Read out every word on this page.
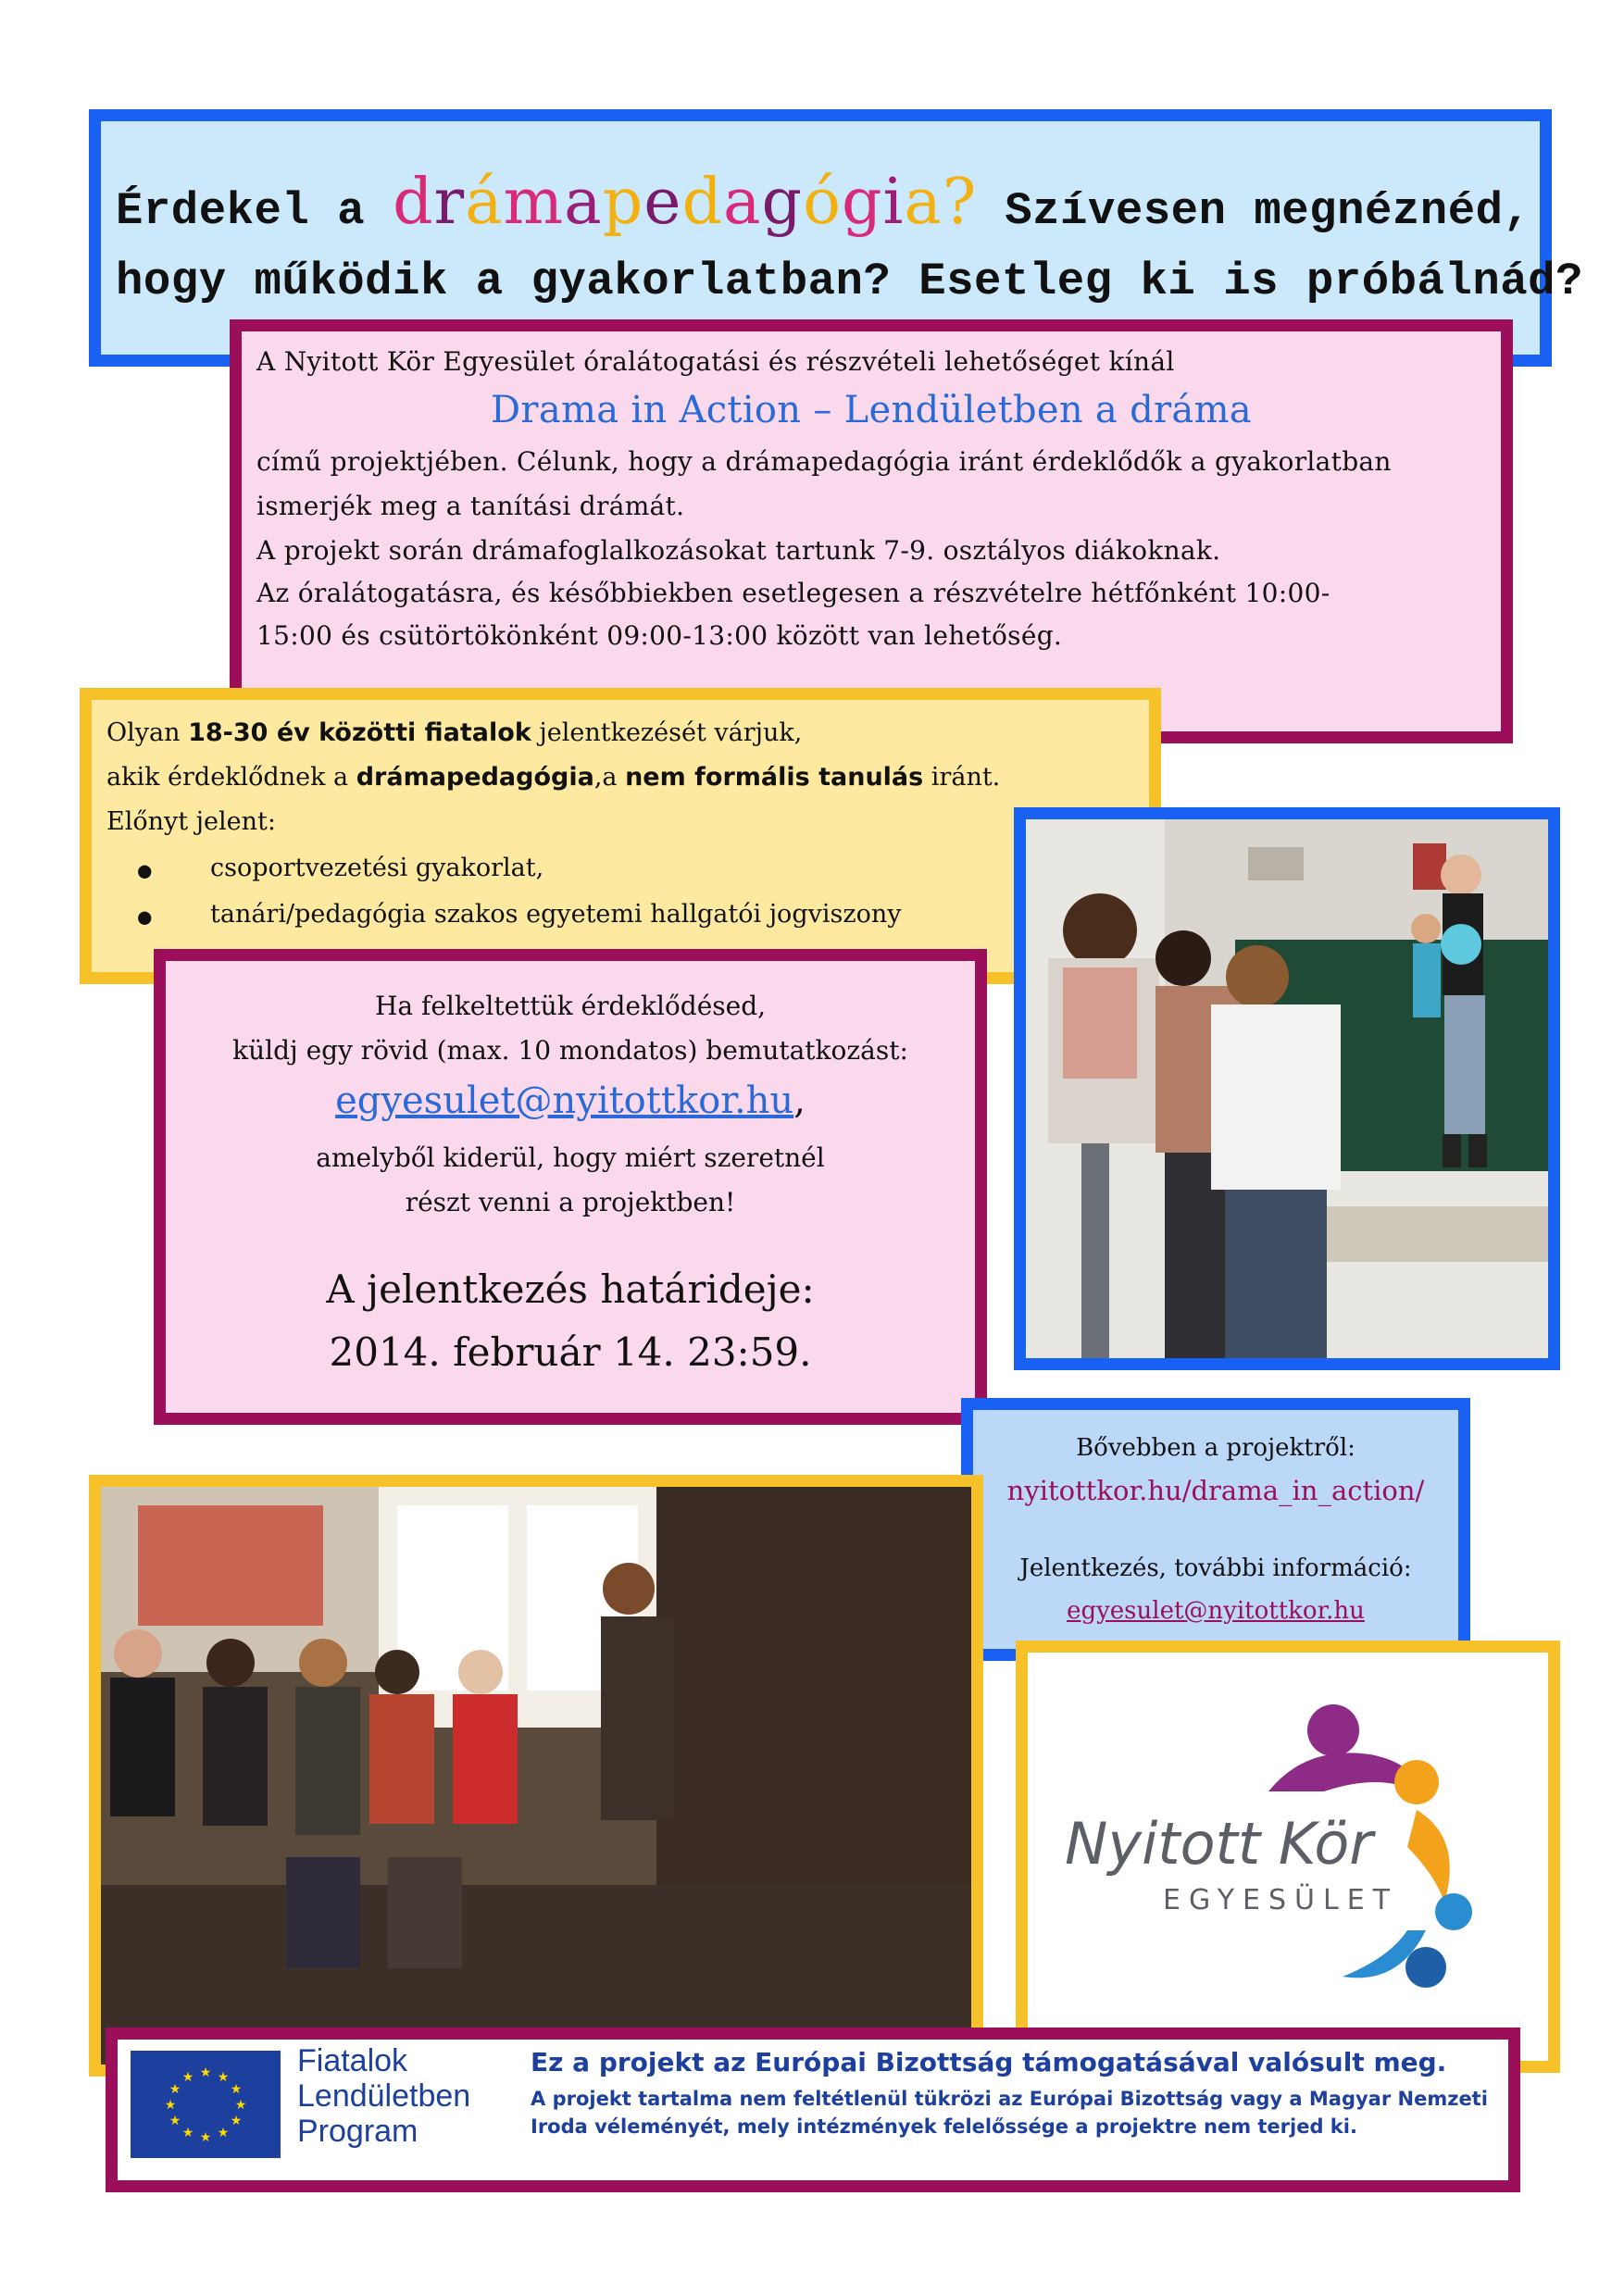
Érdekel a drámapedagógia? Szívesen megnéznéd,
hogy működik a gyakorlatban? Esetleg ki is próbálnád?

A Nyitott Kör Egyesület óralátogatási és részvételi lehetőséget kínál

Drama in Action – Lendületben a dráma

című projektjében. Célunk, hogy a drámapedagógia iránt érdeklődők a gyakorlatban

ismerjék meg a tanítási drámát.

A projekt során drámafoglalkozásokat tartunk 7-9. osztályos diákoknak.

Az óralátogatásra, és későbbiekben esetlegesen a részvételre hétfőnként 10:00-

15:00 és csütörtökönként 09:00-13:00 között van lehetőség.

Olyan 18-30 év közötti fiatalok jelentkezését várjuk,
akik érdeklődnek a drámapedagógia,a nem formális tanulás iránt.
Előnyt jelent:
● csoportvezetési gyakorlat,
● tanári/pedagógia szakos egyetemi hallgatói jogviszony
Ha felkeltettük érdeklődésed,
küldj egy rövid (max. 10 mondatos) bemutatkozást:
egyesulet@nyitottkor.hu,
amelyből kiderül, hogy miért szeretnél
részt venni a projektben!
A jelentkezés határideje:
2014. február 14. 23:59.
Bővebben a projektről:
nyitottkor.hu/drama_in_action/
Jelentkezés, további információ:
egyesulet@nyitottkor.hu
Nyitott Kör
EGYESÜLET
★ ★
★
★
★
★
★
★
★
★
★
★	Fiatalok
Lendületben
Program
Ez a projekt az Európai Bizottság támogatásával valósult meg.
A projekt tartalma nem feltétlenül tükrözi az Európai Bizottság vagy a Magyar Nemzeti
Iroda véleményét, mely intézmények felelőssége a projektre nem terjed ki.
